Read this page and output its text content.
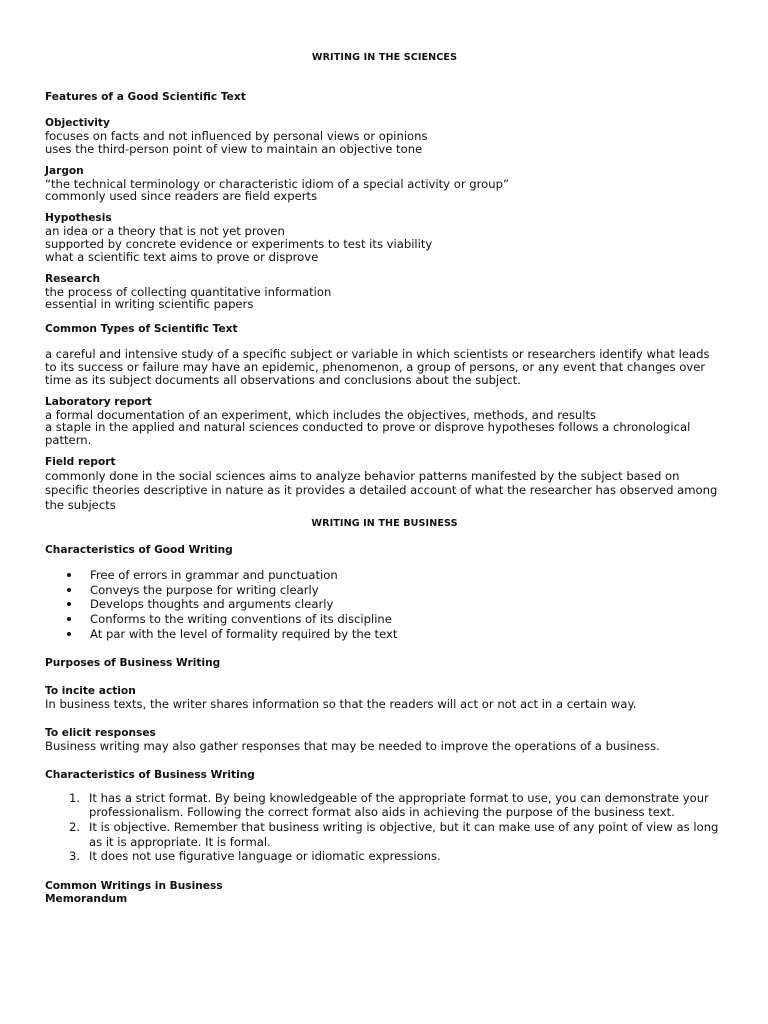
WRITING IN THE SCIENCES
Features of a Good Scientific Text
Objectivity
focuses on facts and not influenced by personal views or opinions
uses the third-person point of view to maintain an objective tone
Jargon
“the technical terminology or characteristic idiom of a special activity or group”
commonly used since readers are field experts
Hypothesis
an idea or a theory that is not yet proven
supported by concrete evidence or experiments to test its viability
what a scientific text aims to prove or disprove
Research
the process of collecting quantitative information
essential in writing scientific papers
Common Types of Scientific Text

a careful and intensive study of a specific subject or variable in which scientists or researchers identify what leads to its success or failure may have an epidemic, phenomenon, a group of persons, or any event that changes over time as its subject documents all observations and conclusions about the subject.

Laboratory report
a formal documentation of an experiment, which includes the objectives, methods, and results

a staple in the applied and natural sciences conducted to prove or disprove hypotheses follows a chronological pattern.

Field report

commonly done in the social sciences aims to analyze behavior patterns manifested by the subject based on specific theories descriptive in nature as it provides a detailed account of what the researcher has observed among the subjects

WRITING IN THE BUSINESS
Characteristics of Good Writing
Free of errors in grammar and punctuation
Conveys the purpose for writing clearly
Develops thoughts and arguments clearly
Conforms to the writing conventions of its discipline
At par with the level of formality required by the text
Purposes of Business Writing
To incite action
In business texts, the writer shares information so that the readers will act or not act in a certain way.
To elicit responses
Business writing may also gather responses that may be needed to improve the operations of a business.
Characteristics of Business Writing
1. It has a strict format. By being knowledgeable of the appropriate format to use, you can demonstrate your professionalism. Following the correct format also aids in achieving the purpose of the business text.
2. It is objective. Remember that business writing is objective, but it can make use of any point of view as long as it is appropriate. It is formal.
3. It does not use figurative language or idiomatic expressions.
Common Writings in Business
Memorandum
